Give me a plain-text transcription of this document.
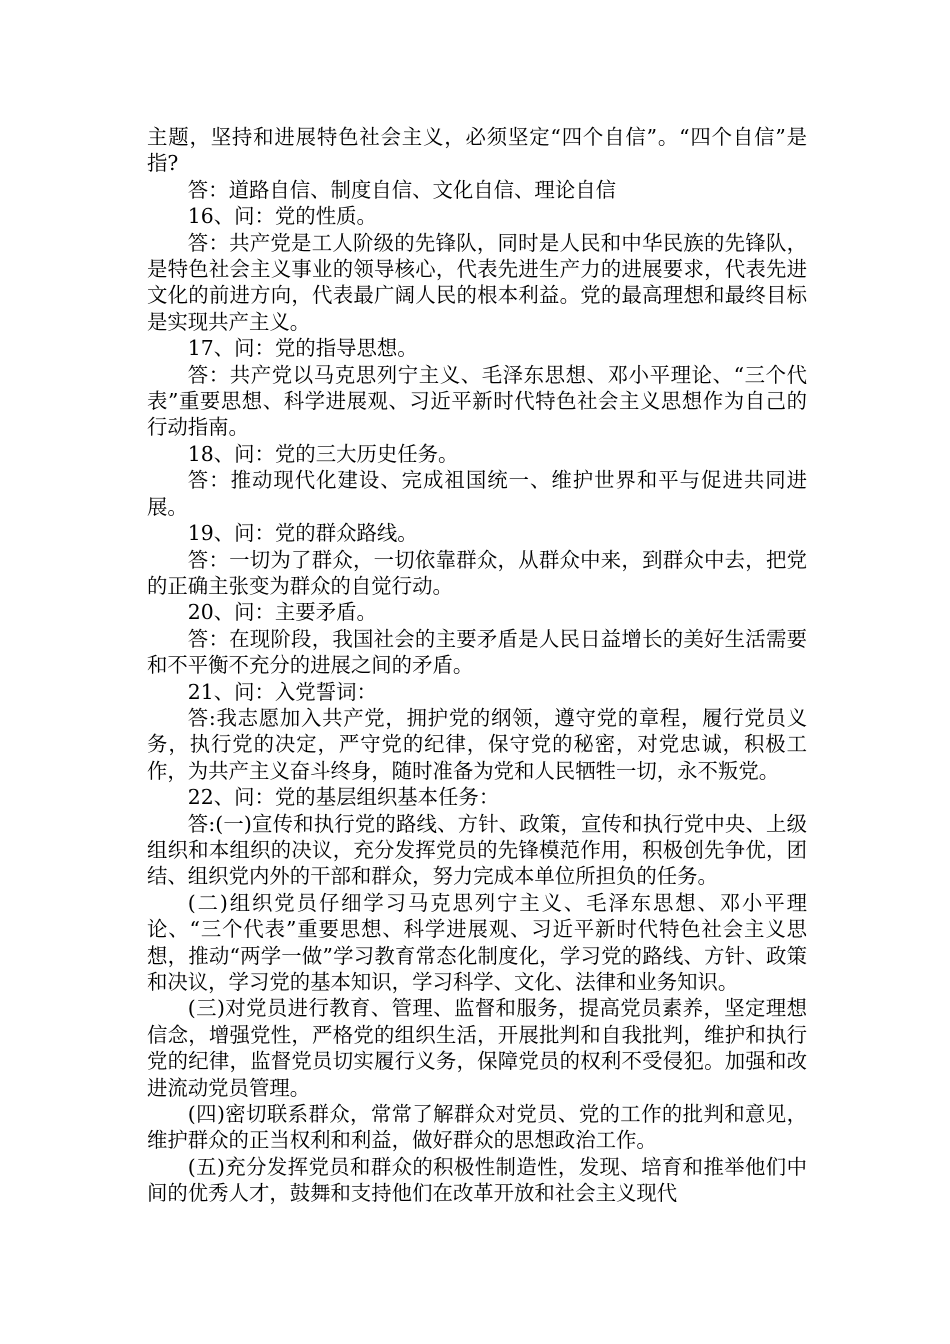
主题，坚持和进展特色社会主义，必须坚定“四个自信”。“四个自信”是指?

答：道路自信、制度自信、文化自信、理论自信

16、问：党的性质。

答：共产党是工人阶级的先锋队，同时是人民和中华民族的先锋队，是特色社会主义事业的领导核心，代表先进生产力的进展要求，代表先进文化的前进方向，代表最广阔人民的根本利益。党的最高理想和最终目标是实现共产主义。

17、问：党的指导思想。

答：共产党以马克思列宁主义、毛泽东思想、邓小平理论、“三个代表”重要思想、科学进展观、习近平新时代特色社会主义思想作为自己的行动指南。

18、问：党的三大历史任务。

答：推动现代化建设、完成祖国统一、维护世界和平与促进共同进展。

19、问：党的群众路线。

答：一切为了群众，一切依靠群众，从群众中来，到群众中去，把党的正确主张变为群众的自觉行动。

20、问：主要矛盾。

答：在现阶段，我国社会的主要矛盾是人民日益增长的美好生活需要和不平衡不充分的进展之间的矛盾。

21、问：入党誓词：

答:我志愿加入共产党，拥护党的纲领，遵守党的章程，履行党员义务，执行党的决定，严守党的纪律，保守党的秘密，对党忠诚，积极工作，为共产主义奋斗终身，随时准备为党和人民牺牲一切，永不叛党。

22、问：党的基层组织基本任务：

答:(一)宣传和执行党的路线、方针、政策，宣传和执行党中央、上级组织和本组织的决议，充分发挥党员的先锋模范作用，积极创先争优，团结、组织党内外的干部和群众，努力完成本单位所担负的任务。

(二)组织党员仔细学习马克思列宁主义、毛泽东思想、邓小平理论、“三个代表”重要思想、科学进展观、习近平新时代特色社会主义思想，推动“两学一做”学习教育常态化制度化，学习党的路线、方针、政策和决议，学习党的基本知识，学习科学、文化、法律和业务知识。

(三)对党员进行教育、管理、监督和服务，提高党员素养，坚定理想信念，增强党性，严格党的组织生活，开展批判和自我批判，维护和执行党的纪律，监督党员切实履行义务，保障党员的权利不受侵犯。加强和改进流动党员管理。

(四)密切联系群众，常常了解群众对党员、党的工作的批判和意见，维护群众的正当权利和利益，做好群众的思想政治工作。

(五)充分发挥党员和群众的积极性制造性，发现、培育和推举他们中间的优秀人才，鼓舞和支持他们在改革开放和社会主义现代
